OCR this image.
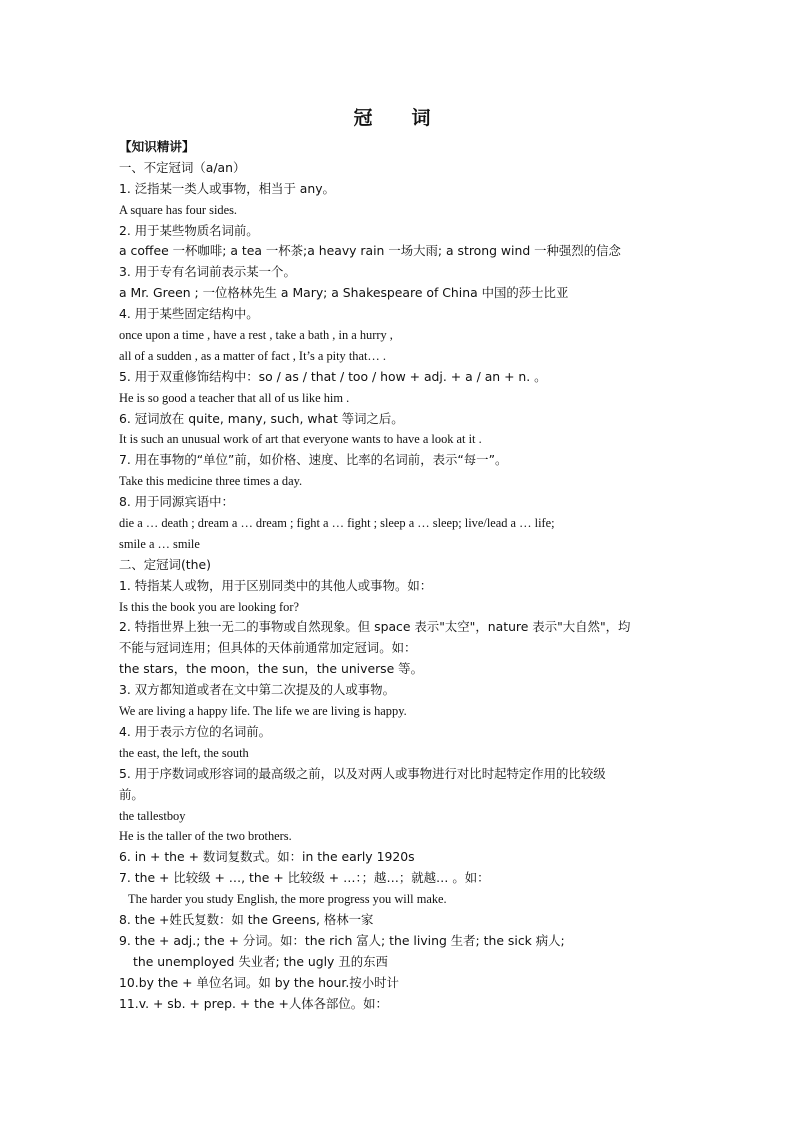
冠　词
【知识精讲】
一、不定冠词（a/an）
1. 泛指某一类人或事物，相当于 any。
A square has four sides.
2. 用于某些物质名词前。
a coffee 一杯咖啡; a tea 一杯茶;a heavy rain 一场大雨; a strong wind 一种强烈的信念
3. 用于专有名词前表示某一个。
a Mr. Green ; 一位格林先生 a Mary; a Shakespeare of China 中国的莎士比亚
4. 用于某些固定结构中。
once upon a time , have a rest , take a bath , in a hurry ,
all of a sudden , as a matter of fact , It’s a pity that… .
5. 用于双重修饰结构中：so / as / that / too / how + adj. + a / an + n. 。
He is so good a teacher that all of us like him .
6. 冠词放在 quite, many, such, what 等词之后。
It is such an unusual work of art that everyone wants to have a look at it .
7. 用在事物的“单位”前，如价格、速度、比率的名词前，表示“每一”。
Take this medicine three times a day.
8. 用于同源宾语中：
die a … death ; dream a … dream ; fight a … fight ; sleep a … sleep; live/lead a … life;
smile a … smile
二、定冠词(the)
1. 特指某人或物，用于区别同类中的其他人或事物。如：
Is this the book you are looking for?
2. 特指世界上独一无二的事物或自然现象。但 space 表示"太空"，nature 表示"大自然"，均
不能与冠词连用；但具体的天体前通常加定冠词。如：
the stars，the moon，the sun，the universe 等。
3. 双方都知道或者在文中第二次提及的人或事物。
We are living a happy life. The life we are living is happy.
4. 用于表示方位的名词前。
the east, the left, the south
5. 用于序数词或形容词的最高级之前，以及对两人或事物进行对比时起特定作用的比较级
前。
the tallestboy
He is the taller of the two brothers.
6. in + the + 数词复数式。如：in the early 1920s
7. the + 比较级 + …, the + 比较级 + …：；越…；就越… 。如：
The harder you study English, the more progress you will make.
8. the +姓氏复数：如 the Greens, 格林一家
9. the + adj.; the + 分词。如：the rich 富人; the living 生者; the sick 病人;
the unemployed 失业者; the ugly 丑的东西
10.by the + 单位名词。如 by the hour.按小时计
11.v. + sb. + prep. + the +人体各部位。如：
